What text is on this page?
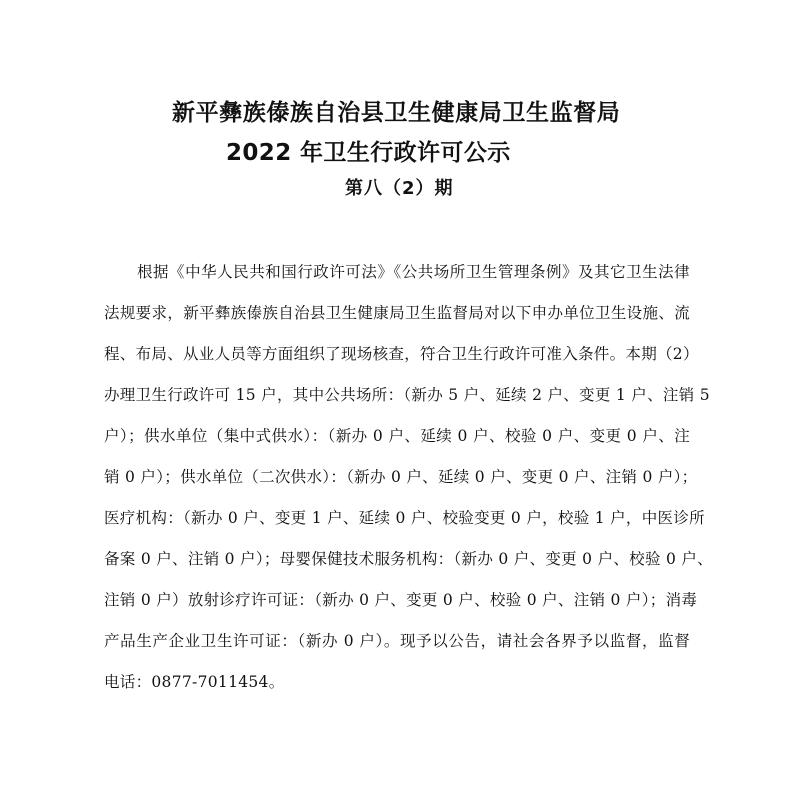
新平彝族傣族自治县卫生健康局卫生监督局
2022 年卫生行政许可公示
第八（2）期
根据《中华人民共和国行政许可法》《公共场所卫生管理条例》及其它卫生法律
法规要求，新平彝族傣族自治县卫生健康局卫生监督局对以下申办单位卫生设施、流
程、布局、从业人员等方面组织了现场核查，符合卫生行政许可准入条件。本期（2）
办理卫生行政许可 15 户，其中公共场所：（新办 5 户、延续 2 户、变更 1 户、注销 5
户）；供水单位（集中式供水）：（新办 0 户、延续 0 户、校验 0 户、变更 0 户、注
销 0 户）；供水单位（二次供水）：（新办 0 户、延续 0 户、变更 0 户、注销 0 户）；
医疗机构：（新办 0 户、变更 1 户、延续 0 户、校验变更 0 户，校验 1 户，中医诊所
备案 0 户、注销 0 户）；母婴保健技术服务机构：（新办 0 户、变更 0 户、校验 0 户、
注销 0 户）放射诊疗许可证：（新办 0 户、变更 0 户、校验 0 户、注销 0 户）；消毒
产品生产企业卫生许可证：（新办 0 户）。现予以公告，请社会各界予以监督，监督
电话：0877-7011454。
